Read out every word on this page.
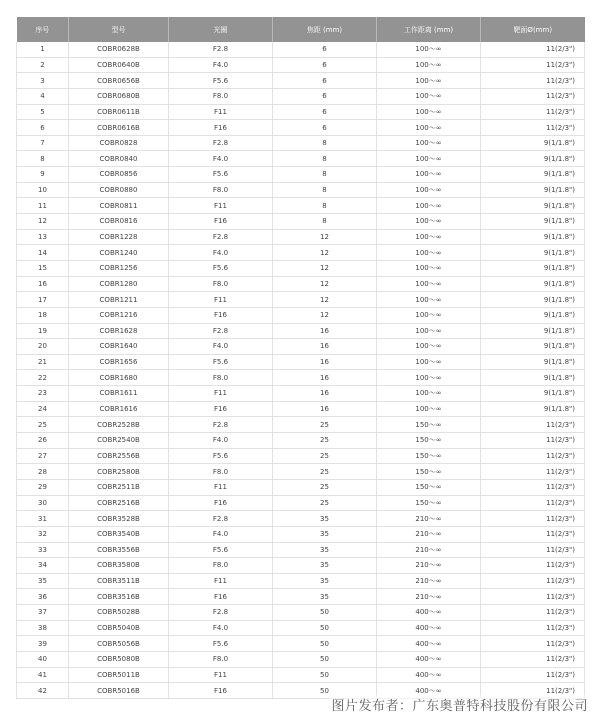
序号	型号	光圈	焦距 (mm)	工作距离 (mm)	靶面Ø(mm)
1	COBR0628B	F2.8	6	100～∞	11(2/3")
2	COBR0640B	F4.0	6	100～∞	11(2/3")
3	COBR0656B	F5.6	6	100～∞	11(2/3")
4	COBR0680B	F8.0	6	100～∞	11(2/3")
5	COBR0611B	F11	6	100～∞	11(2/3")
6	COBR0616B	F16	6	100～∞	11(2/3")
7	COBR0828	F2.8	8	100～∞	9(1/1.8")
8	COBR0840	F4.0	8	100～∞	9(1/1.8")
9	COBR0856	F5.6	8	100～∞	9(1/1.8")
10	COBR0880	F8.0	8	100～∞	9(1/1.8")
11	COBR0811	F11	8	100～∞	9(1/1.8")
12	COBR0816	F16	8	100～∞	9(1/1.8")
13	COBR1228	F2.8	12	100～∞	9(1/1.8")
14	COBR1240	F4.0	12	100～∞	9(1/1.8")
15	COBR1256	F5.6	12	100～∞	9(1/1.8")
16	COBR1280	F8.0	12	100～∞	9(1/1.8")
17	COBR1211	F11	12	100～∞	9(1/1.8")
18	COBR1216	F16	12	100～∞	9(1/1.8")
19	COBR1628	F2.8	16	100～∞	9(1/1.8")
20	COBR1640	F4.0	16	100～∞	9(1/1.8")
21	COBR1656	F5.6	16	100～∞	9(1/1.8")
22	COBR1680	F8.0	16	100～∞	9(1/1.8")
23	COBR1611	F11	16	100～∞	9(1/1.8")
24	COBR1616	F16	16	100～∞	9(1/1.8")
25	COBR2528B	F2.8	25	150～∞	11(2/3")
26	COBR2540B	F4.0	25	150～∞	11(2/3")
27	COBR2556B	F5.6	25	150～∞	11(2/3")
28	COBR2580B	F8.0	25	150～∞	11(2/3")
29	COBR2511B	F11	25	150～∞	11(2/3")
30	COBR2516B	F16	25	150～∞	11(2/3")
31	COBR3528B	F2.8	35	210～∞	11(2/3")
32	COBR3540B	F4.0	35	210～∞	11(2/3")
33	COBR3556B	F5.6	35	210～∞	11(2/3")
34	COBR3580B	F8.0	35	210～∞	11(2/3")
35	COBR3511B	F11	35	210～∞	11(2/3")
36	COBR3516B	F16	35	210～∞	11(2/3")
37	COBR5028B	F2.8	50	400～∞	11(2/3")
38	COBR5040B	F4.0	50	400～∞	11(2/3")
39	COBR5056B	F5.6	50	400～∞	11(2/3")
40	COBR5080B	F8.0	50	400～∞	11(2/3")
41	COBR5011B	F11	50	400～∞	11(2/3")
42	COBR5016B	F16	50	400～∞	11(2/3")
图片发布者：广东奥普特科技股份有限公司
